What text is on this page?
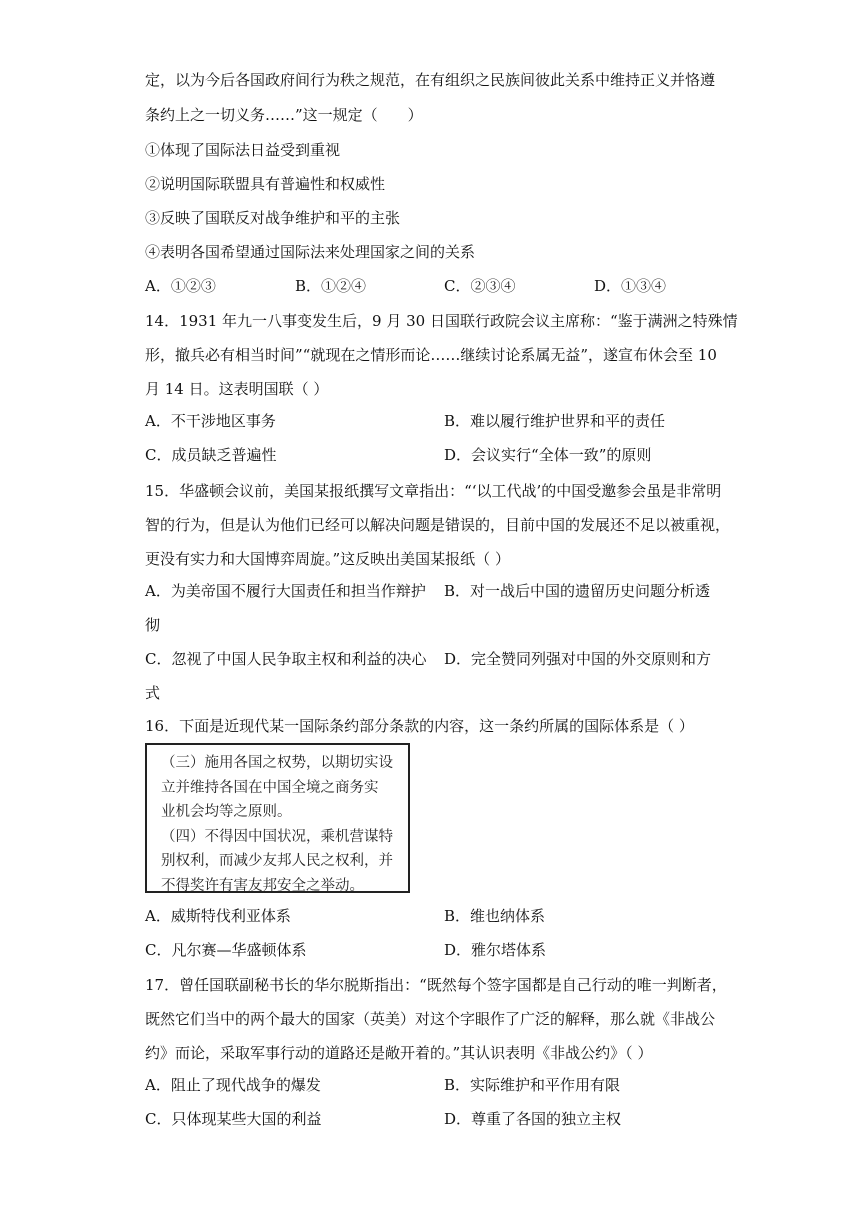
定，以为今后各国政府间行为秩之规范，在有组织之民族间彼此关系中维持正义并恪遵
条约上之一切义务……”这一规定（　　）
①体现了国际法日益受到重视
②说明国际联盟具有普遍性和权威性
③反映了国联反对战争维护和平的主张
④表明各国希望通过国际法来处理国家之间的关系
A．①②③	B．①②④	C．②③④	D．①③④
14．1931 年九一八事变发生后，9 月 30 日国联行政院会议主席称：“鉴于满洲之特殊情
形，撤兵必有相当时间”“就现在之情形而论……继续讨论系属无益”，遂宣布休会至 10
月 14 日。这表明国联（ ）
A．不干涉地区事务	B．难以履行维护世界和平的责任
C．成员缺乏普遍性	D．会议实行“全体一致”的原则
15．华盛顿会议前，美国某报纸撰写文章指出：“‘以工代战’的中国受邀参会虽是非常明
智的行为，但是认为他们已经可以解决问题是错误的，目前中国的发展还不足以被重视，
更没有实力和大国博弈周旋。”这反映出美国某报纸（ ）
A．为美帝国不履行大国责任和担当作辩护 B．对一战后中国的遗留历史问题分析透
彻
C．忽视了中国人民争取主权和利益的决心 D．完全赞同列强对中国的外交原则和方
式
16．下面是近现代某一国际条约部分条款的内容，这一条约所属的国际体系是（ ）
（三）施用各国之权势，以期切实设
立并维持各国在中国全境之商务实
业机会均等之原则。
（四）不得因中国状况，乘机营谋特
别权利，而减少友邦人民之权利，并
不得奖许有害友邦安全之举动。
A．威斯特伐利亚体系	B．维也纳体系
C．凡尔赛—华盛顿体系	D．雅尔塔体系
17．曾任国联副秘书长的华尔脱斯指出：“既然每个签字国都是自己行动的唯一判断者，
既然它们当中的两个最大的国家（英美）对这个字眼作了广泛的解释，那么就《非战公
约》而论，采取军事行动的道路还是敞开着的。”其认识表明《非战公约》（ ）
A．阻止了现代战争的爆发	B．实际维护和平作用有限
C．只体现某些大国的利益	D．尊重了各国的独立主权
